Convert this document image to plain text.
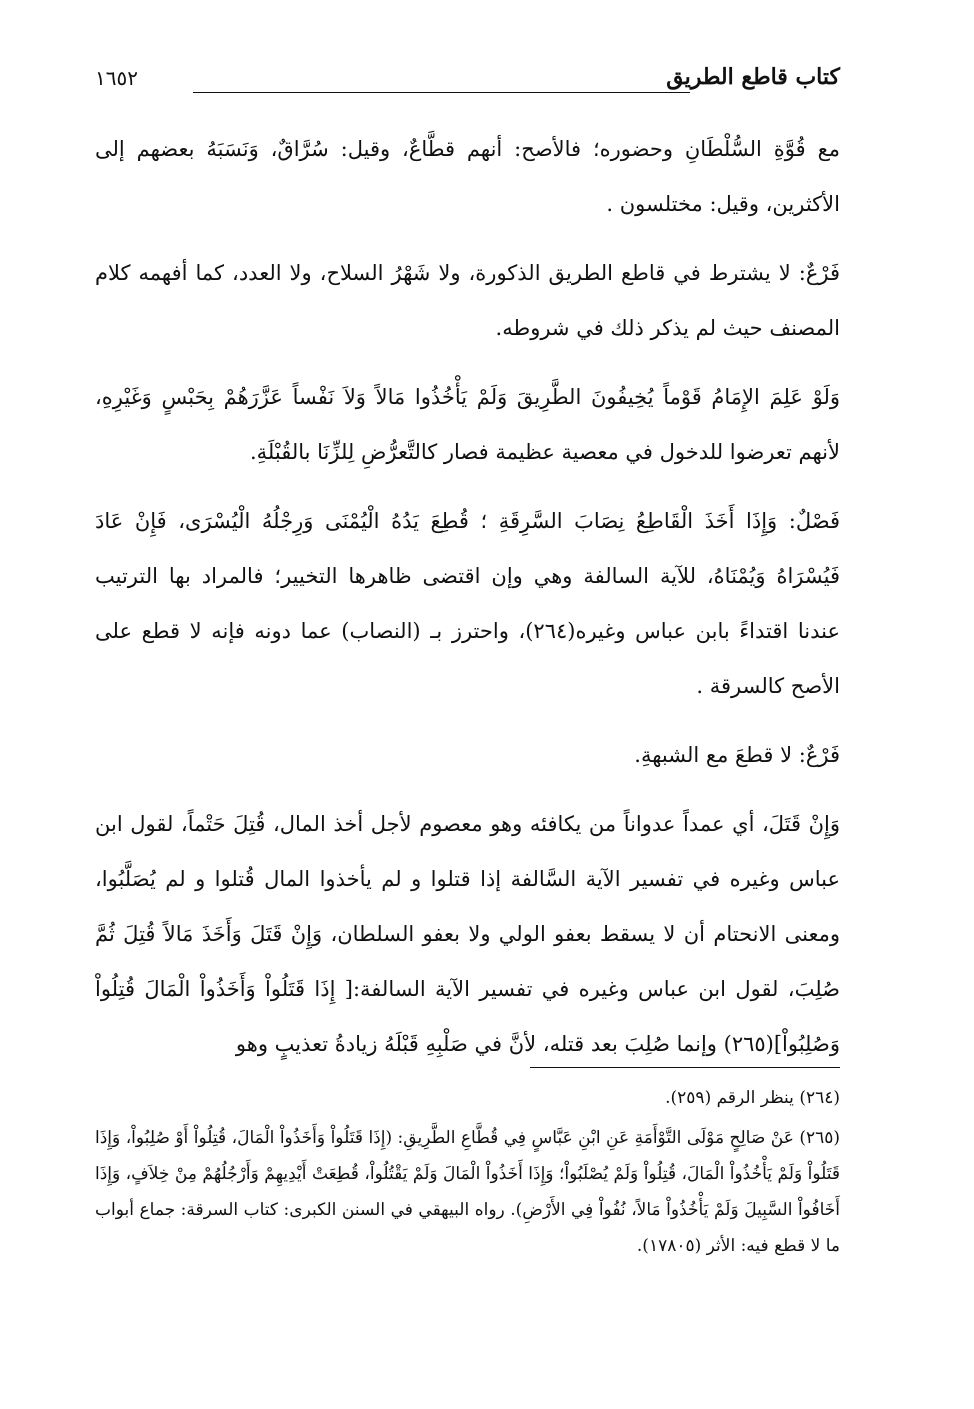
كتاب قاطع الطريق
١٦٥٢

مع قُوَّةِ السُّلْطَانِ وحضوره؛ فالأصح: أنهم قطَّاعٌ، وقيل: سُرَّاقٌ، وَنَسَبَهُ بعضهم إلى الأكثرين، وقيل: مختلسون .

فَرْعٌ: لا يشترط في قاطع الطريق الذكورة، ولا شَهْرُ السلاح، ولا العدد، كما أفهمه كلام المصنف حيث لم يذكر ذلك في شروطه.

وَلَوْ عَلِمَ الإِمَامُ قَوْماً يُخِيفُونَ الطَّرِيقَ وَلَمْ يَأْخُذُوا مَالاً وَلاَ نَفْساً عَزَّرَهُمْ بِحَبْسٍ وَغَيْرِهِ، لأنهم تعرضوا للدخول في معصية عظيمة فصار كالتَّعرُّضِ لِلزِّنَا بالقُبْلَةِ.

فَصْلٌ: وَإِذَا أَخَذَ الْقَاطِعُ نِصَابَ السَّرِقَةِ ؛ قُطِعَ يَدُهُ الْيُمْنَى وَرِجْلُهُ الْيُسْرَى، فَإِنْ عَادَ فَيُسْرَاهُ وَيُمْنَاهُ، للآية السالفة وهي وإن اقتضى ظاهرها التخيير؛ فالمراد بها الترتيب عندنا اقتداءً بابن عباس وغيره(٢٦٤)، واحترز بـ (النصاب) عما دونه فإنه لا قطع على الأصح كالسرقة .

فَرْعٌ: لا قطعَ مع الشبهةِ.

وَإِنْ قَتَلَ، أي عمداً عدواناً من يكافئه وهو معصوم لأجل أخذ المال، قُتِلَ حَتْماً، لقول ابن عباس وغيره في تفسير الآية السَّالفة إذا قتلوا و لم يأخذوا المال قُتلوا و لم يُصَلَّبُوا، ومعنى الانحتام أن لا يسقط بعفو الولي ولا بعفو السلطان، وَإِنْ قَتَلَ وَأَخَذَ مَالاً قُتِلَ ثُمَّ صُلِبَ، لقول ابن عباس وغيره في تفسير الآية السالفة:[ إِذَا قَتَلُواْ وَأَخَذُواْ الْمَالَ قُتِلُواْ وَصُلِبُواْ](٢٦٥) وإنما صُلِبَ بعد قتله، لأنَّ في صَلْبِهِ قَبْلَهُ زيادةُ تعذيبٍ وهو

(٢٦٤) ينظر الرقم (٢٥٩).

(٢٦٥) عَنْ صَالِحٍ مَوْلَى التَّوْأَمَةِ عَنِ ابْنِ عَبَّاسٍ فِي قُطَّاعِ الطَّرِيقِ: (إِذَا قَتَلُواْ وَأَخَذُواْ الْمَالَ، قُتِلُواْ أَوْ صُلِبُواْ، وَإِذَا قَتَلُواْ وَلَمْ يَأْخُذُواْ الْمَالَ، قُتِلُواْ وَلَمْ يُصْلَبُواْ؛ وَإِذَا أَخَذُواْ الْمَالَ وَلَمْ يَقْتُلُواْ، قُطِعَتْ أَيْدِيهِمْ وَأَرْجُلُهُمْ مِنْ خِلاَفٍ، وَإِذَا أَخَافُواْ السَّبِيلَ وَلَمْ يَأْخُذُواْ مَالاً، نُفُواْ فِي الأَرْضِ). رواه البيهقي في السنن الكبرى: كتاب السرقة: جماع أبواب ما لا قطع فيه: الأثر (١٧٨٠٥).
